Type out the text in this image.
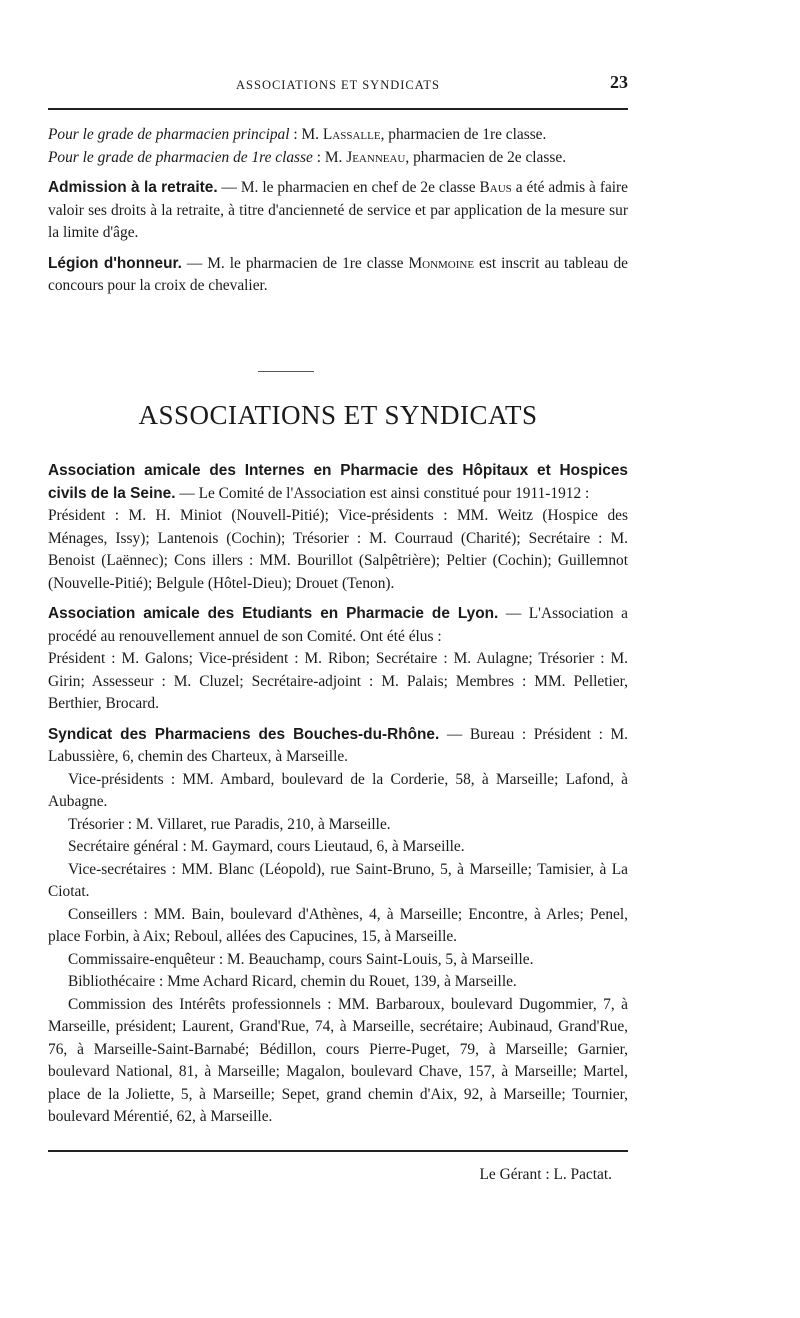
ASSOCIATIONS ET SYNDICATS	23

Pour le grade de pharmacien principal : M. Lassalle, pharmacien de 1re classe.

Pour le grade de pharmacien de 1re classe : M. Jeanneau, pharmacien de 2e classe.

Admission à la retraite. — M. le pharmacien en chef de 2e classe Baus a été admis à faire valoir ses droits à la retraite, à titre d'ancienneté de service et par application de la mesure sur la limite d'âge.

Légion d'honneur. — M. le pharmacien de 1re classe Monmoine est inscrit au tableau de concours pour la croix de chevalier.

ASSOCIATIONS ET SYNDICATS

Association amicale des Internes en Pharmacie des Hôpitaux et Hospices civils de la Seine. — Le Comité de l'Association est ainsi constitué pour 1911-1912 :

Président : M. H. Miniot (Nouvell-Pitié); Vice-présidents : MM. Weitz (Hospice des Ménages, Issy); Lantenois (Cochin); Trésorier : M. Courraud (Charité); Secrétaire : M. Benoist (Laënnec); Cons illers : MM. Bourillot (Salpêtrière); Peltier (Cochin); Guillemnot (Nouvelle-Pitié); Belgule (Hôtel-Dieu); Drouet (Tenon).

Association amicale des Etudiants en Pharmacie de Lyon. — L'Association a procédé au renouvellement annuel de son Comité. Ont été élus :

Président : M. Galons; Vice-président : M. Ribon; Secrétaire : M. Aulagne; Trésorier : M. Girin; Assesseur : M. Cluzel; Secrétaire-adjoint : M. Palais; Membres : MM. Pelletier, Berthier, Brocard.

Syndicat des Pharmaciens des Bouches-du-Rhône. — Bureau : Président : M. Labussière, 6, chemin des Charteux, à Marseille.

Vice-présidents : MM. Ambard, boulevard de la Corderie, 58, à Marseille; Lafond, à Aubagne.

Trésorier : M. Villaret, rue Paradis, 210, à Marseille.

Secrétaire général : M. Gaymard, cours Lieutaud, 6, à Marseille.

Vice-secrétaires : MM. Blanc (Léopold), rue Saint-Bruno, 5, à Marseille; Tamisier, à La Ciotat.

Conseillers : MM. Bain, boulevard d'Athènes, 4, à Marseille; Encontre, à Arles; Penel, place Forbin, à Aix; Reboul, allées des Capucines, 15, à Marseille.

Commissaire-enquêteur : M. Beauchamp, cours Saint-Louis, 5, à Marseille.

Bibliothécaire : Mme Achard Ricard, chemin du Rouet, 139, à Marseille.

Commission des Intérêts professionnels : MM. Barbaroux, boulevard Dugommier, 7, à Marseille, président; Laurent, Grand'Rue, 74, à Marseille, secrétaire; Aubinaud, Grand'Rue, 76, à Marseille-Saint-Barnabé; Bédillon, cours Pierre-Puget, 79, à Marseille; Garnier, boulevard National, 81, à Marseille; Magalon, boulevard Chave, 157, à Marseille; Martel, place de la Joliette, 5, à Marseille; Sepet, grand chemin d'Aix, 92, à Marseille; Tournier, boulevard Mérentié, 62, à Marseille.

Le Gérant : L. Pactat.
